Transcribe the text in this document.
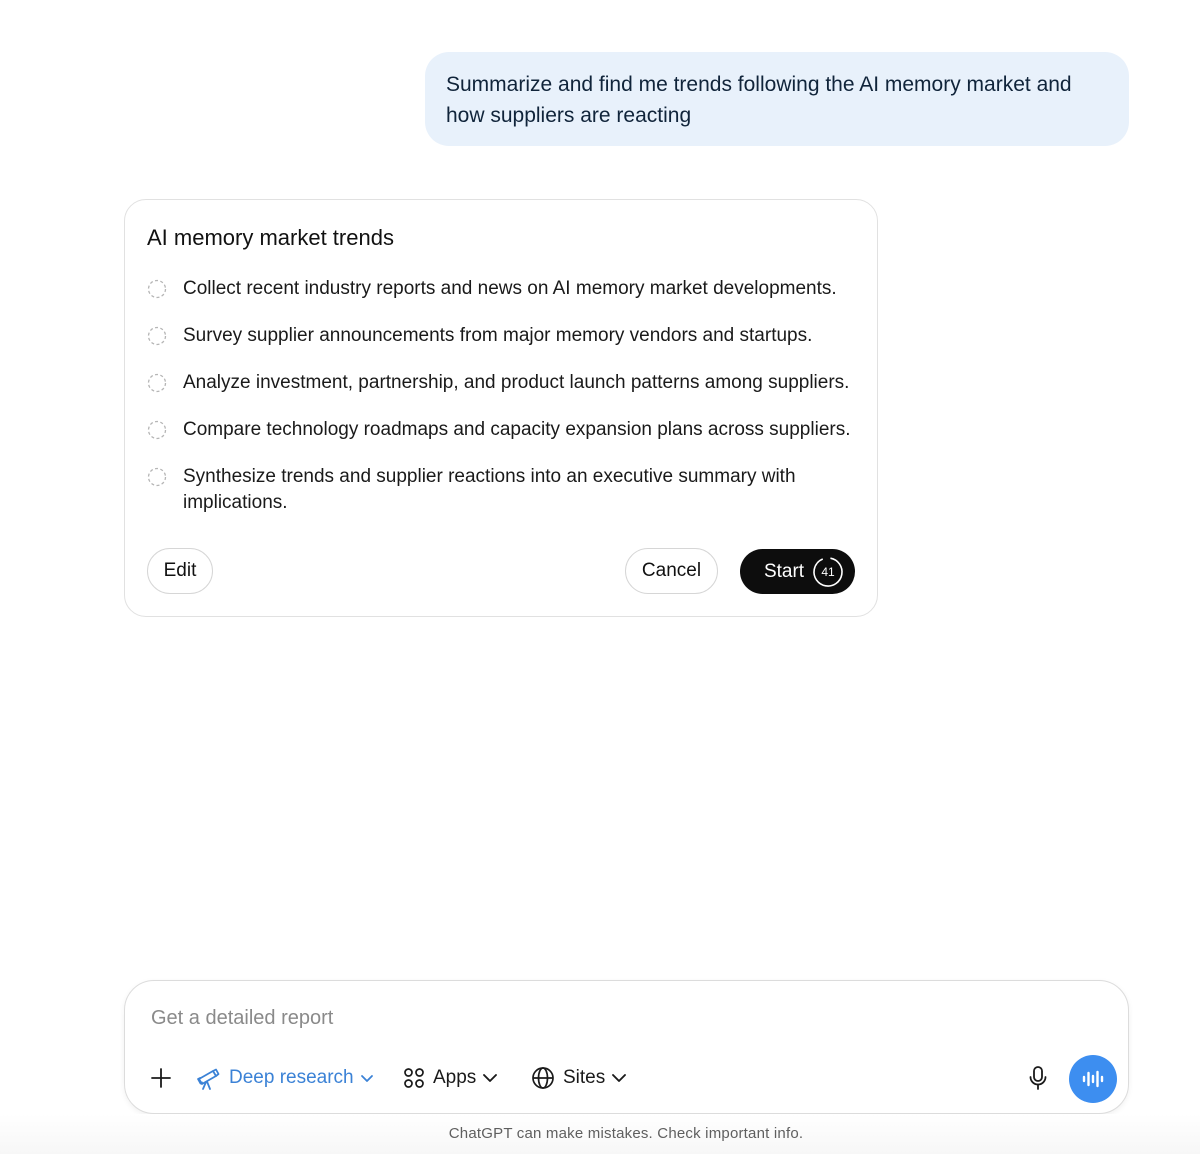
Summarize and find me trends following the AI memory market and how suppliers are reacting
AI memory market trends
Collect recent industry reports and news on AI memory market developments.
Survey supplier announcements from major memory vendors and startups.
Analyze investment, partnership, and product launch patterns among suppliers.
Compare technology roadmaps and capacity expansion plans across suppliers.
Synthesize trends and supplier reactions into an executive summary with implications.
Edit	Cancel	Start	41
Get a detailed report
Deep research	Apps	Sites
ChatGPT can make mistakes. Check important info.
